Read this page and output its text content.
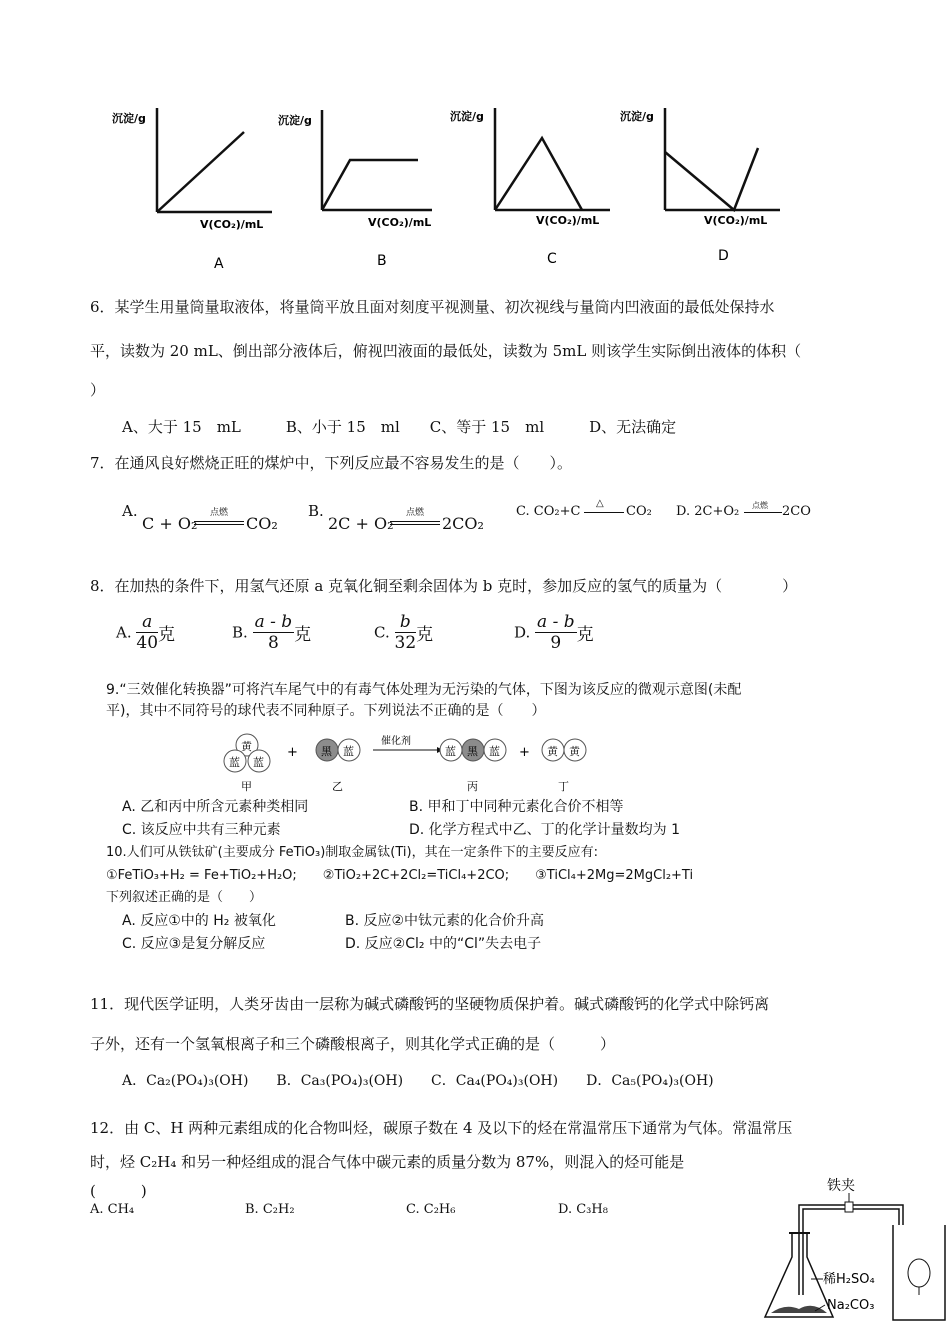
沉淀/g
V(CO₂)/mL
A
沉淀/g
V(CO₂)/mL
B
沉淀/g
V(CO₂)/mL
C
沉淀/g
V(CO₂)/mL
D
6．某学生用量筒量取液体，将量筒平放且面对刻度平视测量、初次视线与量筒内凹液面的最低处保持水
平，读数为 20 mL、倒出部分液体后，俯视凹液面的最低处，读数为 5mL 则该学生实际倒出液体的体积（
）
A、大于 15　mL　　　B、小于 15　ml　　C、等于 15　ml　　　D、无法确定
7．在通风良好燃烧正旺的煤炉中，下列反应最不容易发生的是（　　）。
A.
C + O₂
点燃
CO₂
B.
2C + O₂
点燃
2CO₂
C. CO₂+C
△
CO₂ D. 2C+O₂ 点燃 2CO
8．在加热的条件下，用氢气还原 a 克氧化铜至剩余固体为 b 克时，参加反应的氢气的质量为（　　　　）
A. $\frac{a}{40}$ 克	B. $\frac{a - b}{8}$ 克	C. $\frac{b}{32}$ 克	D. $\frac{a - b}{9}$ 克
9.“三效催化转换器”可将汽车尾气中的有毒气体处理为无污染的气体，下图为该反应的微观示意图(未配
平)，其中不同符号的球代表不同种原子。下列说法不正确的是（　　）
黄
蓝 蓝
甲
+ 黑 蓝
乙
催化剂
蓝 黑 蓝
丙
+ 黄 黄
丁
A. 乙和丙中所含元素种类相同	B. 甲和丁中同种元素化合价不相等
C. 该反应中共有三种元素	D. 化学方程式中乙、丁的化学计量数均为 1
10.人们可从铁钛矿(主要成分 FeTiO₃)制取金属钛(Ti)，其在一定条件下的主要反应有:
①FeTiO₃+H₂ = Fe+TiO₂+H₂O;　　②TiO₂+2C+2Cl₂=TiCl₄+2CO;　　③TiCl₄+2Mg=2MgCl₂+Ti
下列叙述正确的是（　　）
A. 反应①中的 H₂ 被氧化	B. 反应②中钛元素的化合价升高
C. 反应③是复分解反应	D. 反应②Cl₂ 中的“Cl”失去电子
11．现代医学证明，人类牙齿由一层称为碱式磷酸钙的坚硬物质保护着。碱式磷酸钙的化学式中除钙离
子外，还有一个氢氧根离子和三个磷酸根离子，则其化学式正确的是（　　　）
A．Ca₂(PO₄)₃(OH)　　B．Ca₃(PO₄)₃(OH)　　C．Ca₄(PO₄)₃(OH)　　D．Ca₅(PO₄)₃(OH)
12．由 C、H 两种元素组成的化合物叫烃，碳原子数在 4 及以下的烃在常温常压下通常为气体。常温常压
时，烃 C₂H₄ 和另一种烃组成的混合气体中碳元素的质量分数为 87%，则混入的烃可能是
(　　　)
A. CH₄	B. C₂H₂	C. C₂H₆	D. C₃H₈
铁夹
稀H₂SO₄
Na₂CO₃
